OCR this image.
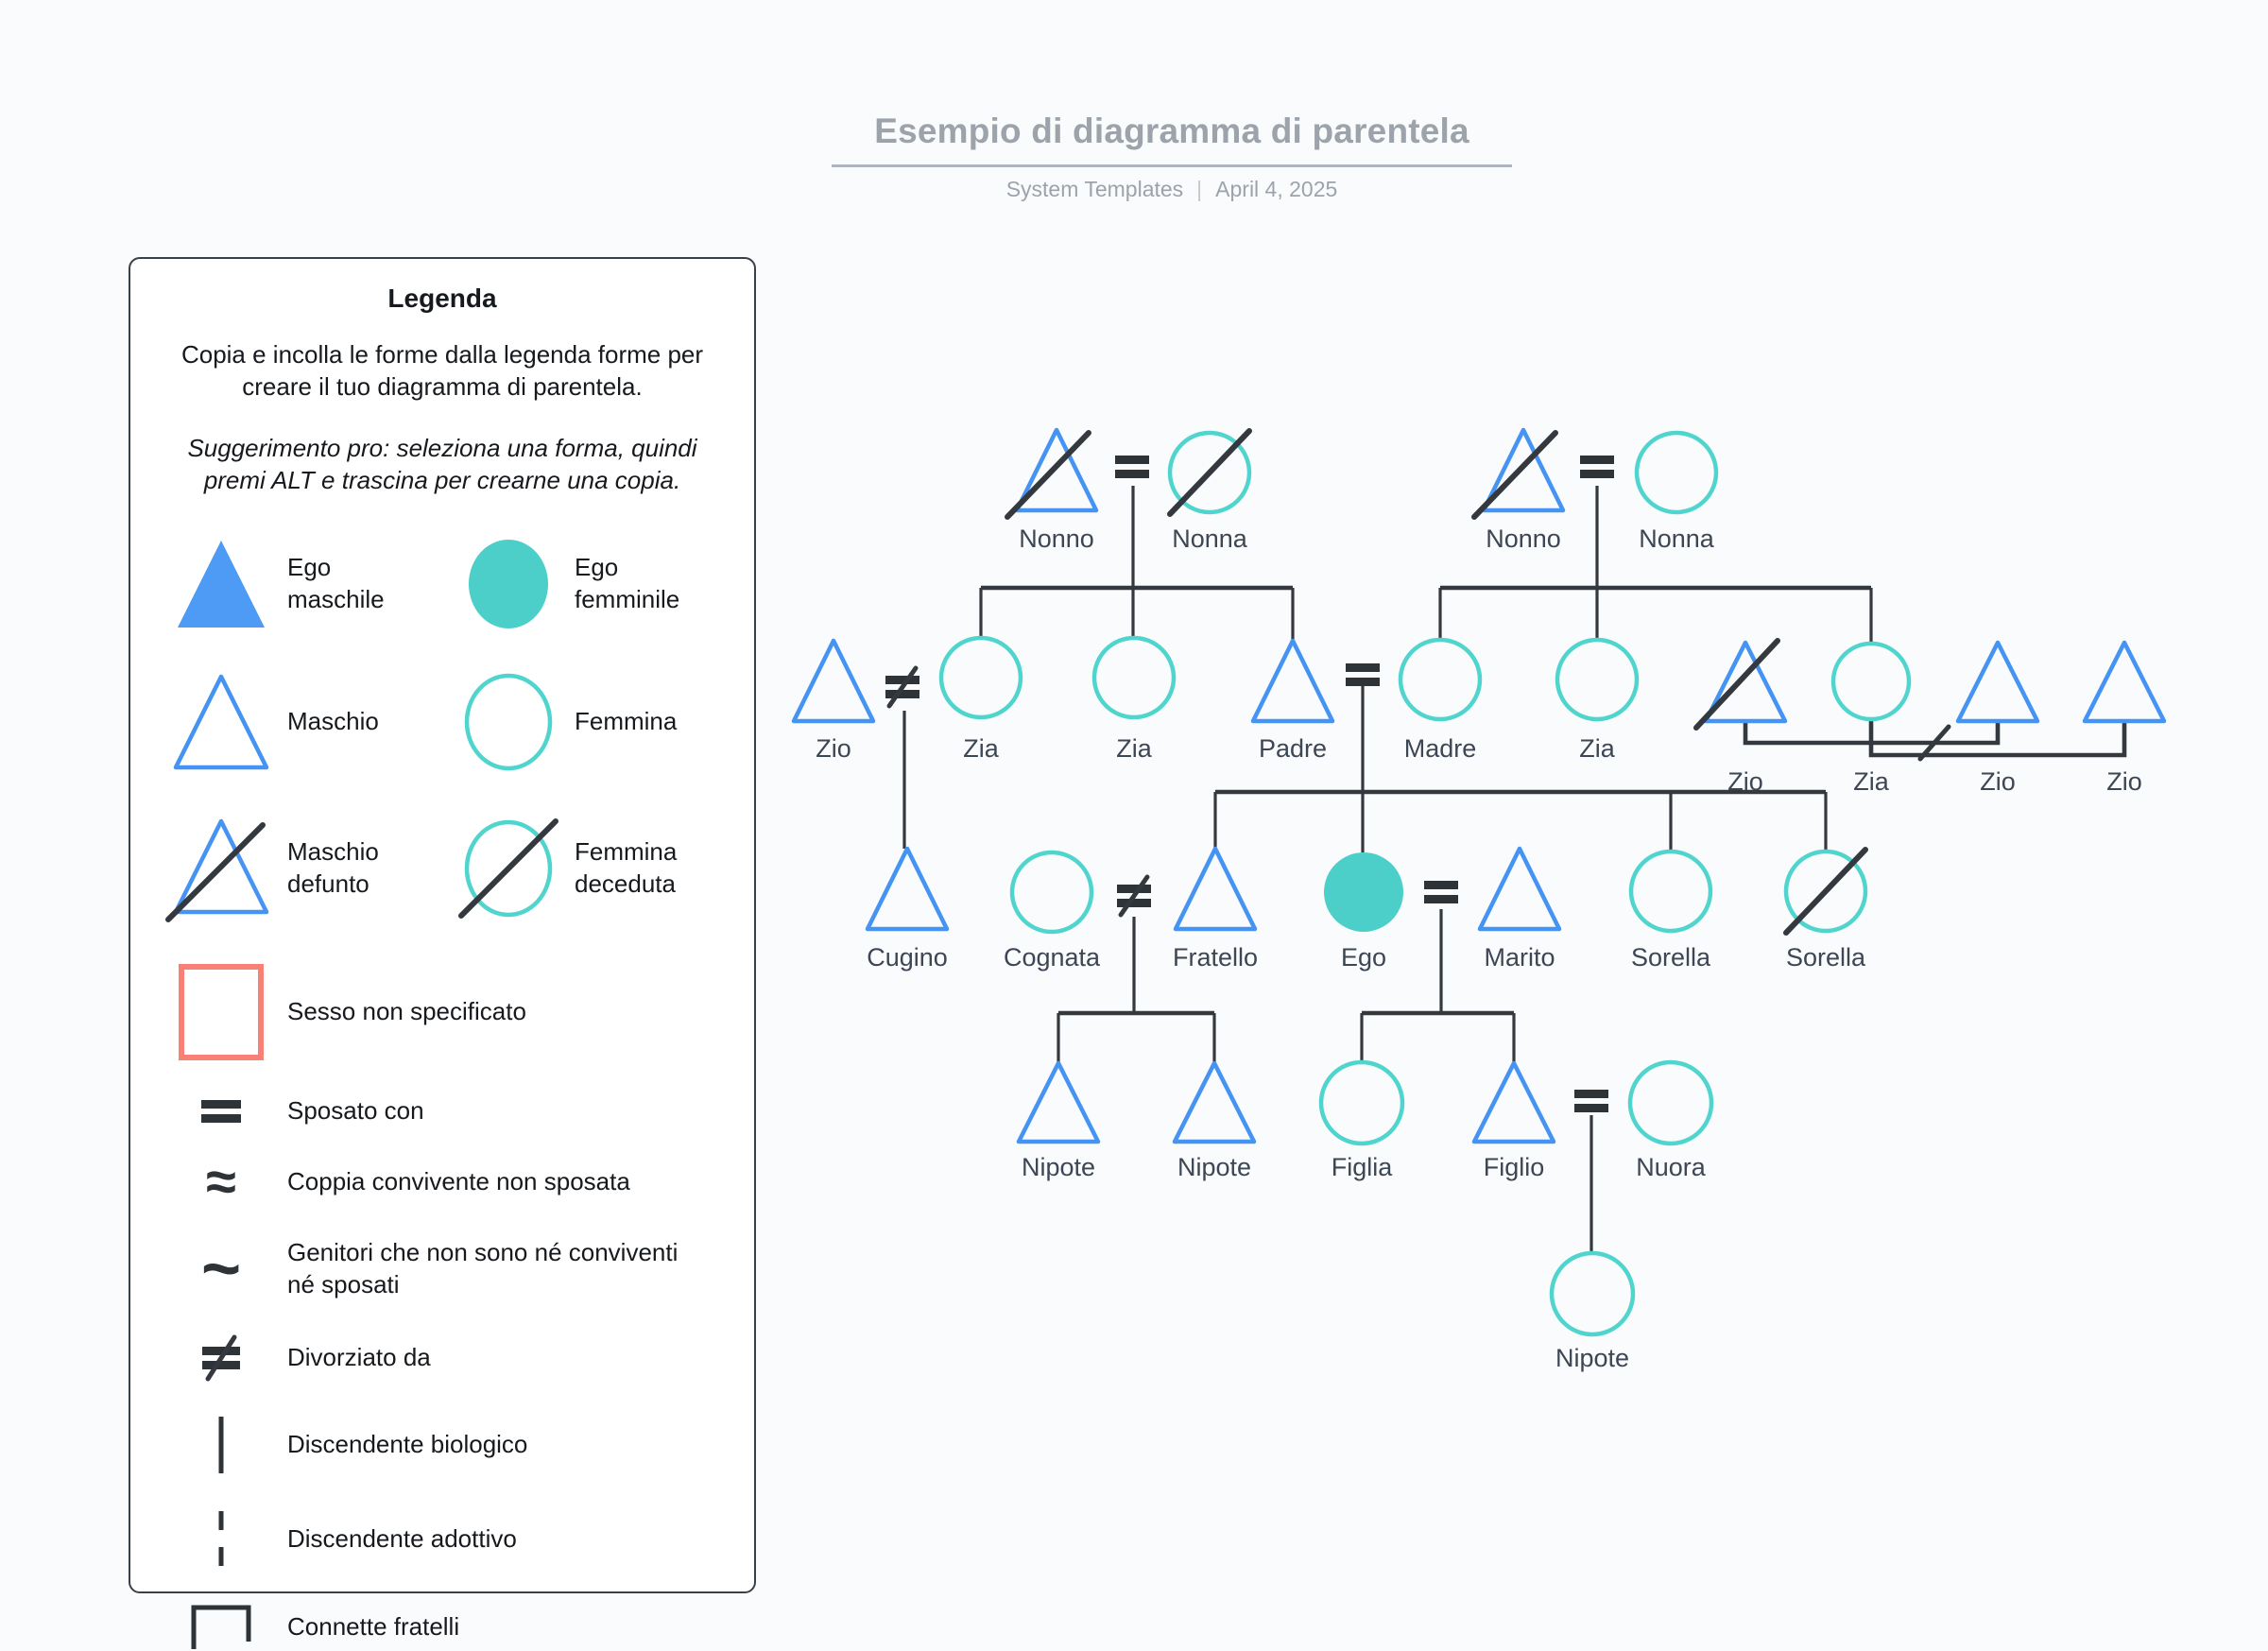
Esempio di diagramma di parentela
System Templates | April 4, 2025
Legenda
Copia e incolla le forme dalla legenda forme per creare il tuo diagramma di parentela.
Suggerimento pro: seleziona una forma, quindi premi ALT e trascina per crearne una copia.
Ego maschile
Ego femminile
Maschio	Femmina
Maschio defunto
Femmina deceduta
Sesso non specificato
Sposato con
≈	Coppia convivente non sposata
~	Genitori che non sono né conviventi né sposati
Divorziato da
Discendente biologico
Discendente adottivo
Connette fratelli
Nonno	Nonna	Nonno	Nonna
Zio	Zia	Zia	Padre	Madre	Zia
Zio	Zia	Zio	Zio
Cugino Cognata	Fratello	Ego	Marito	Sorella	Sorella
Nipote	Nipote	Figlia	Figlio	Nuora
Nipote
